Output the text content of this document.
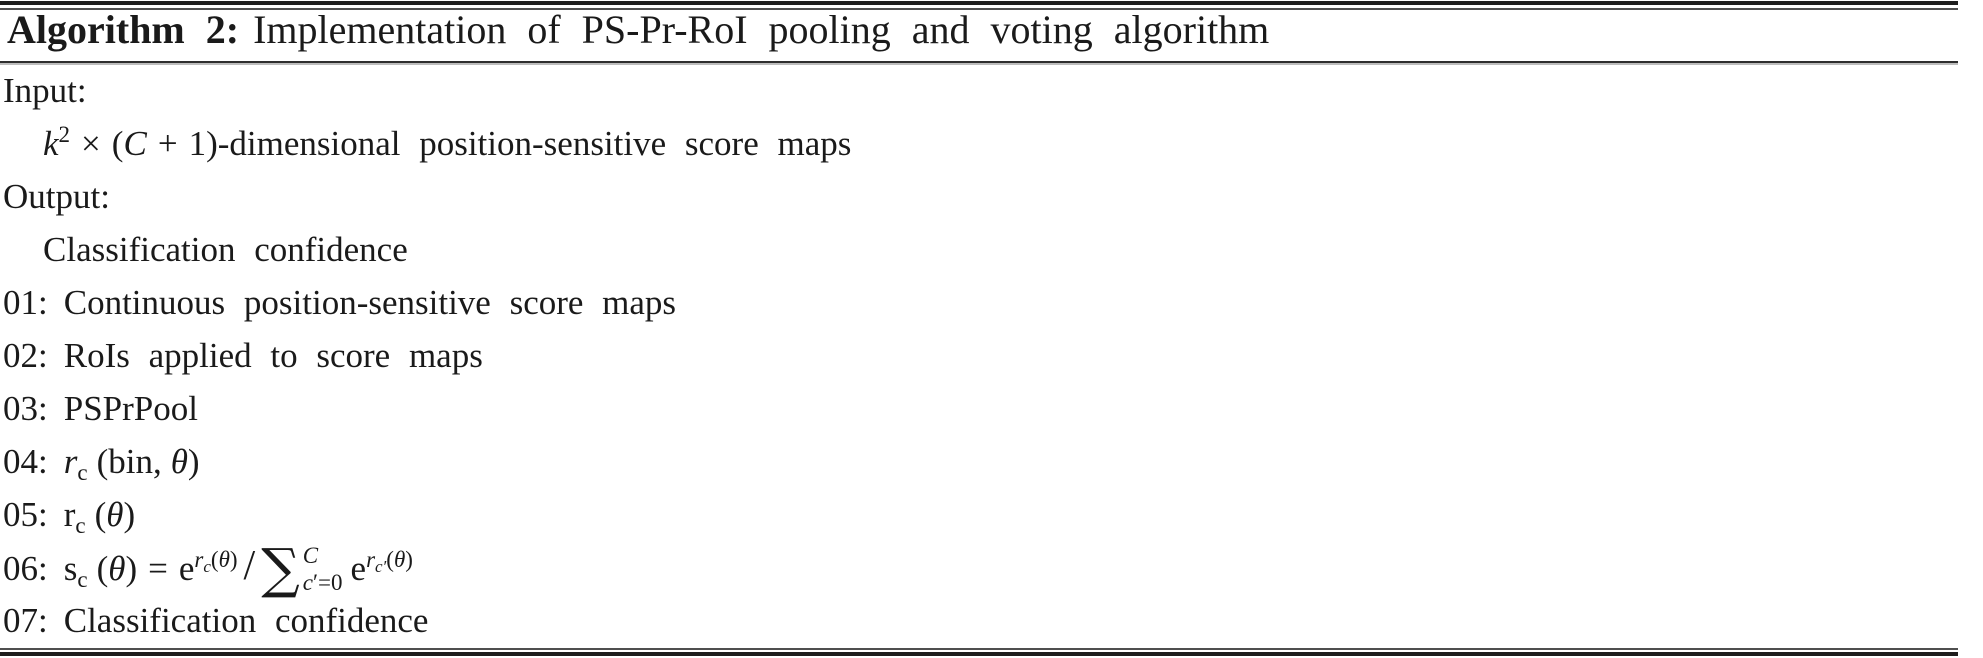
Algorithm 2: Implementation of PS-Pr-RoI pooling and voting algorithm
Input:
$k^2 \times (C$ + 1)-dimensional position-sensitive score maps
Output:
Classification confidence
01: Continuous position-sensitive score maps
02: RoIs applied to score maps
03: PSPrPool
04: $r_c$ (bin, θ)
05: $r_c$ (θ)
06: $s_c$ $(\theta) = e^{r_c(\theta)}$ / ∑ C
c′=0 $e^{r_{c'}(\theta)}$
07: Classification confidence
